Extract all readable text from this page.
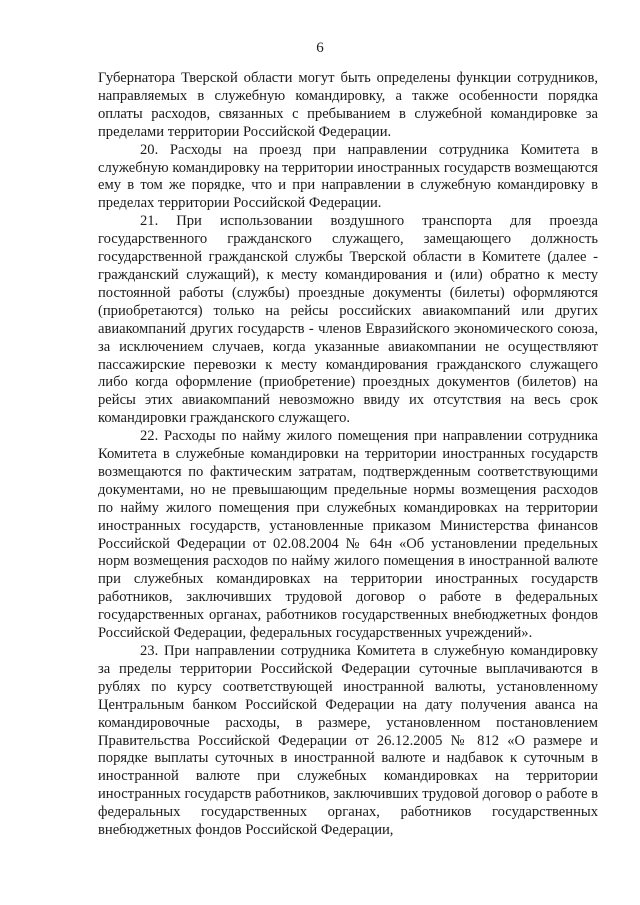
6

Губернатора Тверской области могут быть определены функции сотрудников, направляемых в служебную командировку, а также особенности порядка оплаты расходов, связанных с пребыванием в служебной командировке за пределами территории Российской Федерации.

20. Расходы на проезд при направлении сотрудника Комитета в служебную командировку на территории иностранных государств возмещаются ему в том же порядке, что и при направлении в служебную командировку в пределах территории Российской Федерации.

21. При использовании воздушного транспорта для проезда государственного гражданского служащего, замещающего должность государственной гражданской службы Тверской области в Комитете (далее - гражданский служащий), к месту командирования и (или) обратно к месту постоянной работы (службы) проездные документы (билеты) оформляются (приобретаются) только на рейсы российских авиакомпаний или других авиакомпаний других государств - членов Евразийского экономического союза, за исключением случаев, когда указанные авиакомпании не осуществляют пассажирские перевозки к месту командирования гражданского служащего либо когда оформление (приобретение) проездных документов (билетов) на рейсы этих авиакомпаний невозможно ввиду их отсутствия на весь срок командировки гражданского служащего.

22. Расходы по найму жилого помещения при направлении сотрудника Комитета в служебные командировки на территории иностранных государств возмещаются по фактическим затратам, подтвержденным соответствующими документами, но не превышающим предельные нормы возмещения расходов по найму жилого помещения при служебных командировках на территории иностранных государств, установленные приказом Министерства финансов Российской Федерации от 02.08.2004 № 64н «Об установлении предельных норм возмещения расходов по найму жилого помещения в иностранной валюте при служебных командировках на территории иностранных государств работников, заключивших трудовой договор о работе в федеральных государственных органах, работников государственных внебюджетных фондов Российской Федерации, федеральных государственных учреждений».

23. При направлении сотрудника Комитета в служебную командировку за пределы территории Российской Федерации суточные выплачиваются в рублях по курсу соответствующей иностранной валюты, установленному Центральным банком Российской Федерации на дату получения аванса на командировочные расходы, в размере, установленном постановлением Правительства Российской Федерации от 26.12.2005 № 812 «О размере и порядке выплаты суточных в иностранной валюте и надбавок к суточным в иностранной валюте при служебных командировках на территории иностранных государств работников, заключивших трудовой договор о работе в федеральных государственных органах, работников государственных внебюджетных фондов Российской Федерации,
